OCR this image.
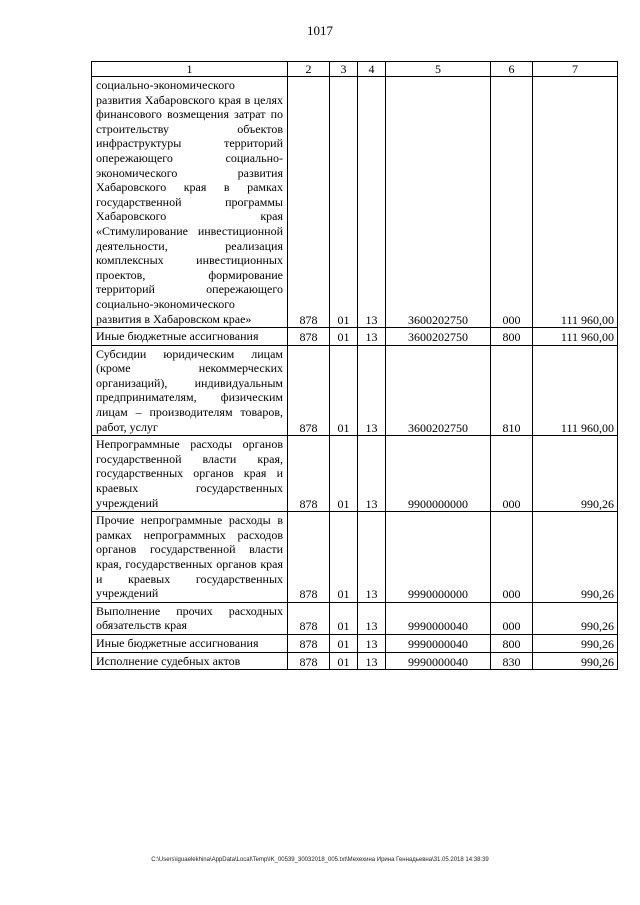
1017
1	2	3	4	5	6	7
социально-экономического развития Хабаровского края в целях финансового возмещения затрат по строительству объектов инфраструктуры территорий опережающего социально-экономического развития Хабаровского края в рамках государственной программы Хабаровского края «Стимулирование инвестиционной деятельности, реализация комплексных инвестиционных проектов, формирование территорий опережающего социально-экономического развития в Хабаровском крае»	878	01	13	3600202750	000	111 960,00
Иные бюджетные ассигнования	878	01	13	3600202750	800	111 960,00
Субсидии юридическим лицам (кроме некоммерческих организаций), индивидуальным предпринимателям, физическим лицам – производителям товаров, работ, услуг	878	01	13	3600202750	810	111 960,00
Непрограммные расходы органов государственной власти края, государственных органов края и краевых государственных учреждений	878	01	13	9900000000	000	990,26
Прочие непрограммные расходы в рамках непрограммных расходов органов государственной власти края, государственных органов края и краевых государственных учреждений	878	01	13	9990000000	000	990,26
Выполнение прочих расходных обязательств края	878	01	13	9990000040	000	990,26
Иные бюджетные ассигнования	878	01	13	9990000040	800	990,26
Исполнение судебных актов	878	01	13	9990000040	830	990,26
C:\Users\iguaelekhina\AppData\Local\Temp\IK_00539_30032018_005.txt\Мехехина Ирина Геннадьевна\31.05.2018 14:38:39
